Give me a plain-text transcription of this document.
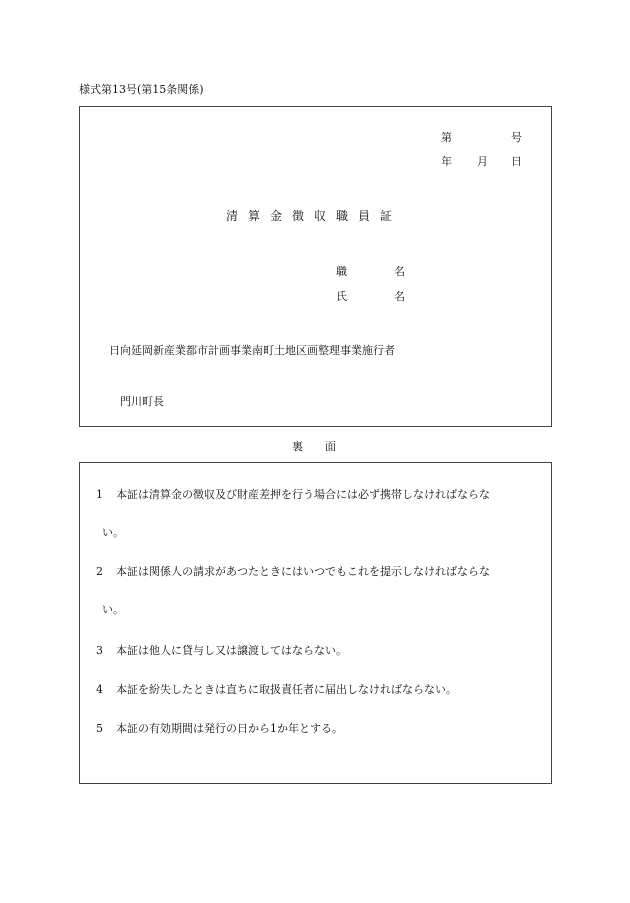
様式第13号(第15条関係)
第	号
年 月 日
清算金徴収職員証
職	名
氏	名
日向延岡新産業都市計画事業南町土地区画整理事業施行者
門川町長
裏　　面
1 本証は清算金の徴収及び財産差押を行う場合には必ず携帯しなければならな
い。
2 本証は関係人の請求があつたときにはいつでもこれを提示しなければならな
い。
3 本証は他人に貸与し又は譲渡してはならない。
4 本証を紛失したときは直ちに取扱責任者に届出しなければならない。
5 本証の有効期間は発行の日から1か年とする。
